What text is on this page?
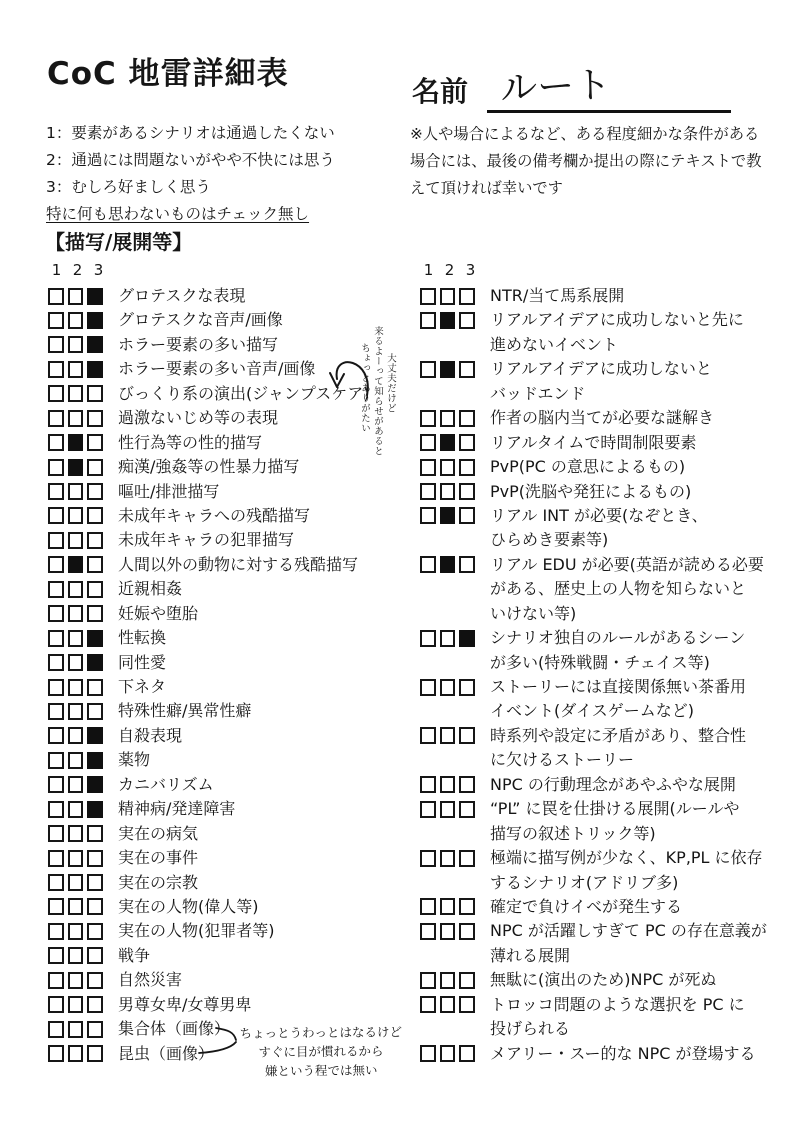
CoC 地雷詳細表
1：要素があるシナリオは通過したくない
2：通過には問題ないがやや不快には思う
3：むしろ好ましく思う
特に何も思わないものはチェック無し
名前 ルート
※人や場合によるなど、ある程度細かな条件がある場合には、最後の備考欄か提出の際にテキストで教えて頂ければ幸いです
【描写/展開等】
1 2 3	1 2 3
グロテスクな表現
グロテスクな音声/画像
ホラー要素の多い描写
ホラー要素の多い音声/画像
びっくり系の演出(ジャンプスケア)
過激ないじめ等の表現
性行為等の性的描写
痴漢/強姦等の性暴力描写
嘔吐/排泄描写
未成年キャラへの残酷描写
未成年キャラの犯罪描写
人間以外の動物に対する残酷描写
近親相姦
妊娠や堕胎
性転換
同性愛
下ネタ
特殊性癖/異常性癖
自殺表現
薬物
カニバリズム
精神病/発達障害
実在の病気
実在の事件
実在の宗教
実在の人物(偉人等)
実在の人物(犯罪者等)
戦争
自然災害
男尊女卑/女尊男卑
集合体（画像）
昆虫（画像）
NTR/当て馬系展開
リアルアイデアに成功しないと先に
進めないイベント
リアルアイデアに成功しないと
バッドエンド
作者の脳内当てが必要な謎解き
リアルタイムで時間制限要素
PvP(PC の意思によるもの)
PvP(洗脳や発狂によるもの)
リアル INT が必要(なぞとき、
ひらめき要素等)
リアル EDU が必要(英語が読める必要
がある、歴史上の人物を知らないと
いけない等)
シナリオ独自のルールがあるシーン
が多い(特殊戦闘・チェイス等)
ストーリーには直接関係無い茶番用
イベント(ダイスゲームなど)
時系列や設定に矛盾があり、整合性
に欠けるストーリー
NPC の行動理念があやふやな展開
“PL” に罠を仕掛ける展開(ルールや
描写の叙述トリック等)
極端に描写例が少なく、KP,PL に依存
するシナリオ(アドリブ多)
確定で負けイベが発生する
NPC が活躍しすぎて PC の存在意義が
薄れる展開
無駄に(演出のため)NPC が死ぬ
トロッコ問題のような選択を PC に
投げられる
メアリー・スー的な NPC が登場する
大丈夫だけど
来るよーって知らせがあると
ちょっとありがたい
ちょっとうわっとはなるけど
すぐに目が慣れるから
嫌という程では無い
